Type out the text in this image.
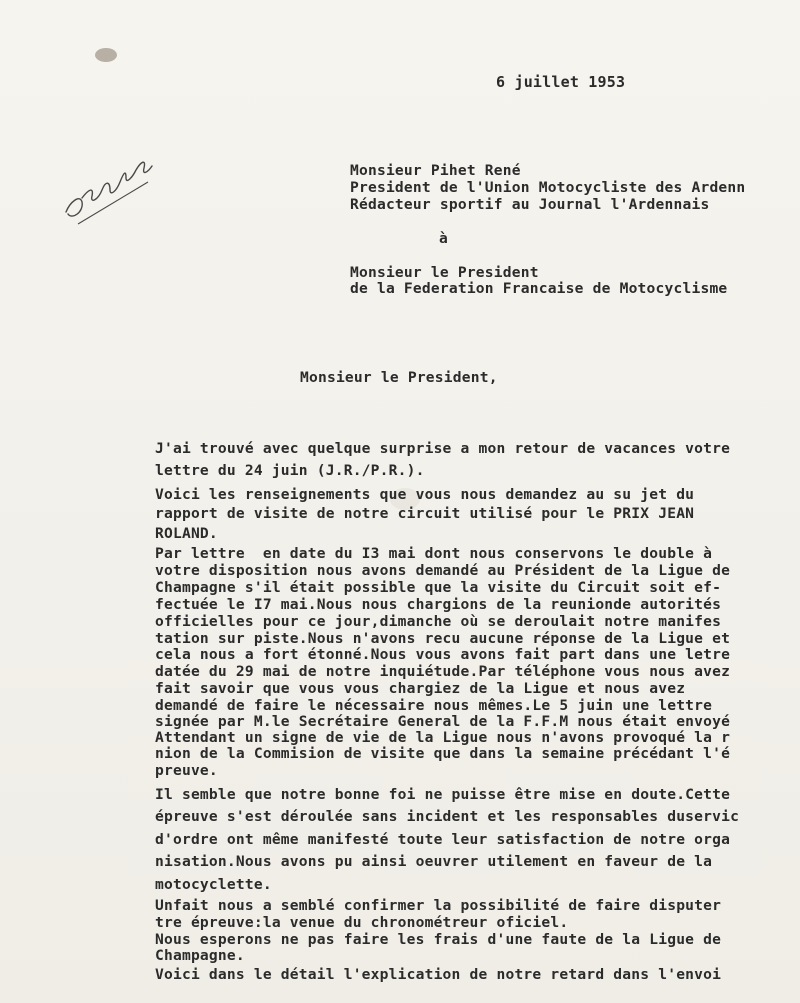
6 juillet 1953
Monsieur Pihet René
President de l'Union Motocycliste des Ardenn
Rédacteur sportif au Journal l'Ardennais
à
Monsieur le President
de la Federation Francaise de Motocyclisme
Monsieur le President,
J'ai trouvé avec quelque surprise a mon retour de vacances votre
lettre du 24 juin (J.R./P.R.).
Voici les renseignements que vous nous demandez au su jet du
rapport de visite de notre circuit utilisé pour le PRIX JEAN
ROLAND.
Par lettre  en date du I3 mai dont nous conservons le double à
votre disposition nous avons demandé au Président de la Ligue de
Champagne s'il était possible que la visite du Circuit soit ef-
fectuée le I7 mai.Nous nous chargions de la reunionde autorités
officielles pour ce jour,dimanche où se deroulait notre manifes
tation sur piste.Nous n'avons recu aucune réponse de la Ligue et
cela nous a fort étonné.Nous vous avons fait part dans une letre
datée du 29 mai de notre inquiétude.Par téléphone vous nous avez
fait savoir que vous vous chargiez de la Ligue et nous avez
demandé de faire le nécessaire nous mêmes.Le 5 juin une lettre
signée par M.le Secrétaire General de la F.F.M nous était envoyé
Attendant un signe de vie de la Ligue nous n'avons provoqué la r
nion de la Commision de visite que dans la semaine précédant l'é
preuve.
Il semble que notre bonne foi ne puisse être mise en doute.Cette
épreuve s'est déroulée sans incident et les responsables duservic
d'ordre ont même manifesté toute leur satisfaction de notre orga
nisation.Nous avons pu ainsi oeuvrer utilement en faveur de la
motocyclette.
Unfait nous a semblé confirmer la possibilité de faire disputer
tre épreuve:la venue du chronométreur oficiel.
Nous esperons ne pas faire les frais d'une faute de la Ligue de
Champagne.
Voici dans le détail l'explication de notre retard dans l'envoi
